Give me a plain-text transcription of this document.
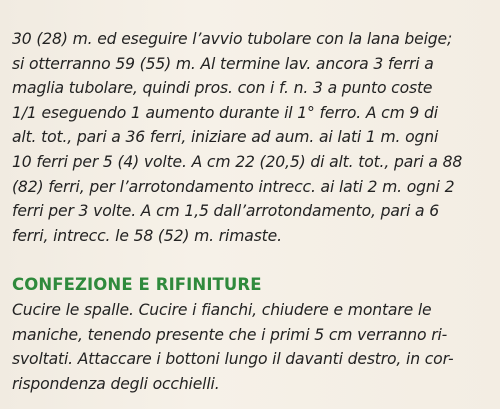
30 (28) m. ed eseguire l’avvio tubolare con la lana beige;
si otterranno 59 (55) m. Al termine lav. ancora 3 ferri a
maglia tubolare, quindi pros. con i f. n. 3 a punto coste
1/1 eseguendo 1 aumento durante il 1° ferro. A cm 9 di
alt. tot., pari a 36 ferri, iniziare ad aum. ai lati 1 m. ogni
10 ferri per 5 (4) volte. A cm 22 (20,5) di alt. tot., pari a 88
(82) ferri, per l’arrotondamento intrecc. ai lati 2 m. ogni 2
ferri per 3 volte. A cm 1,5 dall’arrotondamento, pari a 6
ferri, intrecc. le 58 (52) m. rimaste.
CONFEZIONE E RIFINITURE
Cucire le spalle. Cucire i fianchi, chiudere e montare le
maniche, tenendo presente che i primi 5 cm verranno ri-
svoltati. Attaccare i bottoni lungo il davanti destro, in cor-
rispondenza degli occhielli.
